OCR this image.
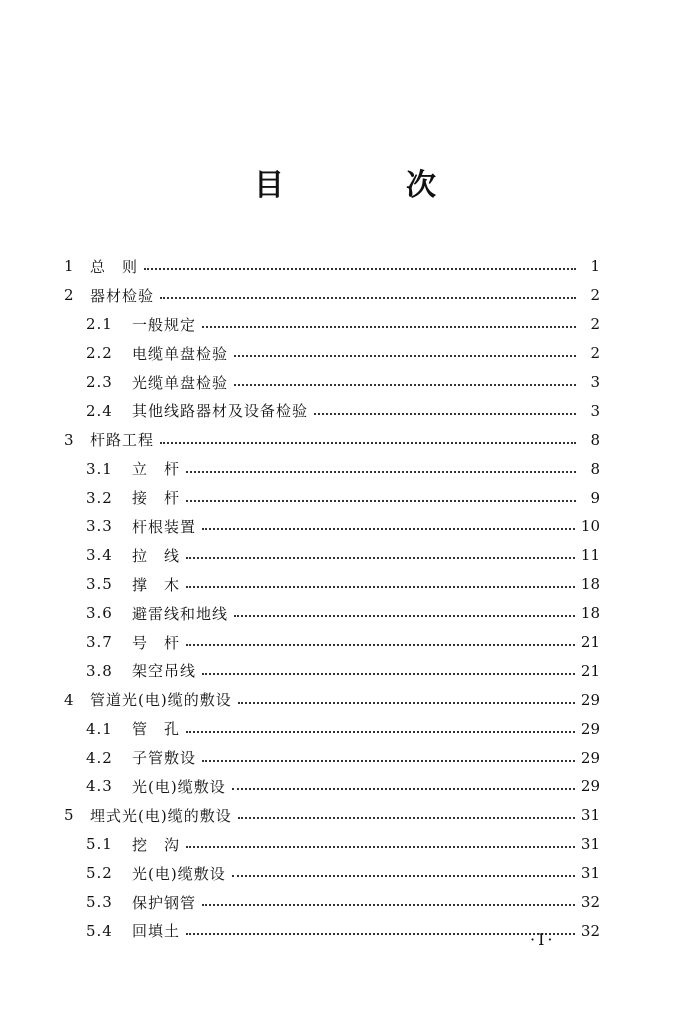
目　次
1	总　则	1
2	器材检验	2
2.1	一般规定	2
2.2	电缆单盘检验	2
2.3	光缆单盘检验	3
2.4	其他线路器材及设备检验	3
3	杆路工程	8
3.1	立　杆	8
3.2	接　杆	9
3.3	杆根装置	10
3.4	拉　线	11
3.5	撑　木	18
3.6	避雷线和地线	18
3.7	号　杆	21
3.8	架空吊线	21
4	管道光(电)缆的敷设	29
4.1	管　孔	29
4.2	子管敷设	29
4.3	光(电)缆敷设	29
5	埋式光(电)缆的敷设	31
5.1	挖　沟	31
5.2	光(电)缆敷设	31
5.3	保护钢管	32
5.4	回填土	32
·Ⅰ·
